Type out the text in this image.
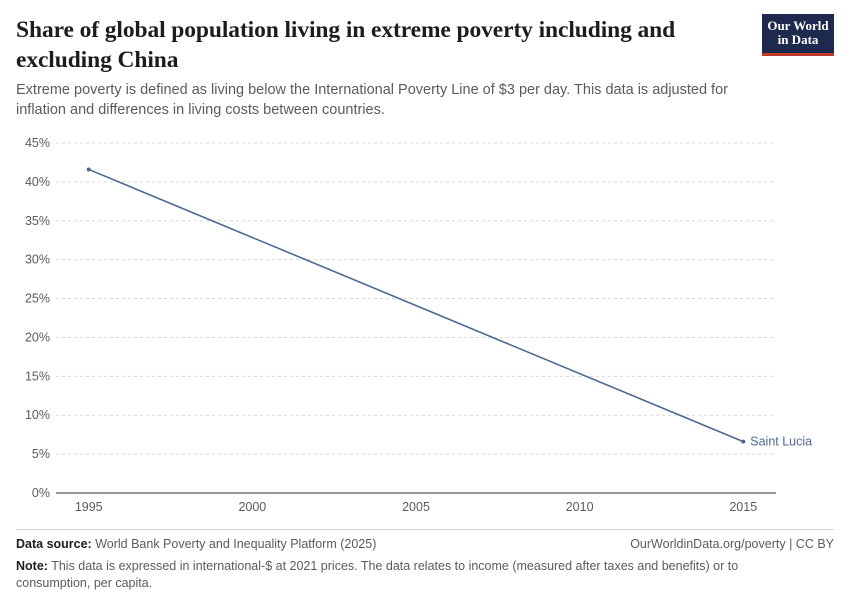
Share of global population living in extreme poverty including and excluding China

Extreme poverty is defined as living below the International Poverty Line of $3 per day. This data is adjusted for inflation and differences in living costs between countries.

Our World
in Data
0%
5%
10%
15%
20%
25%
30%
35%
40%
45%
1995	2000	2005	2010	2015
Saint Lucia
Data source: World Bank Poverty and Inequality Platform (2025)	OurWorldinData.org/poverty | CC BY
Note: This data is expressed in international-$ at 2021 prices. The data relates to income (measured after taxes and benefits) or to consumption, per capita.
